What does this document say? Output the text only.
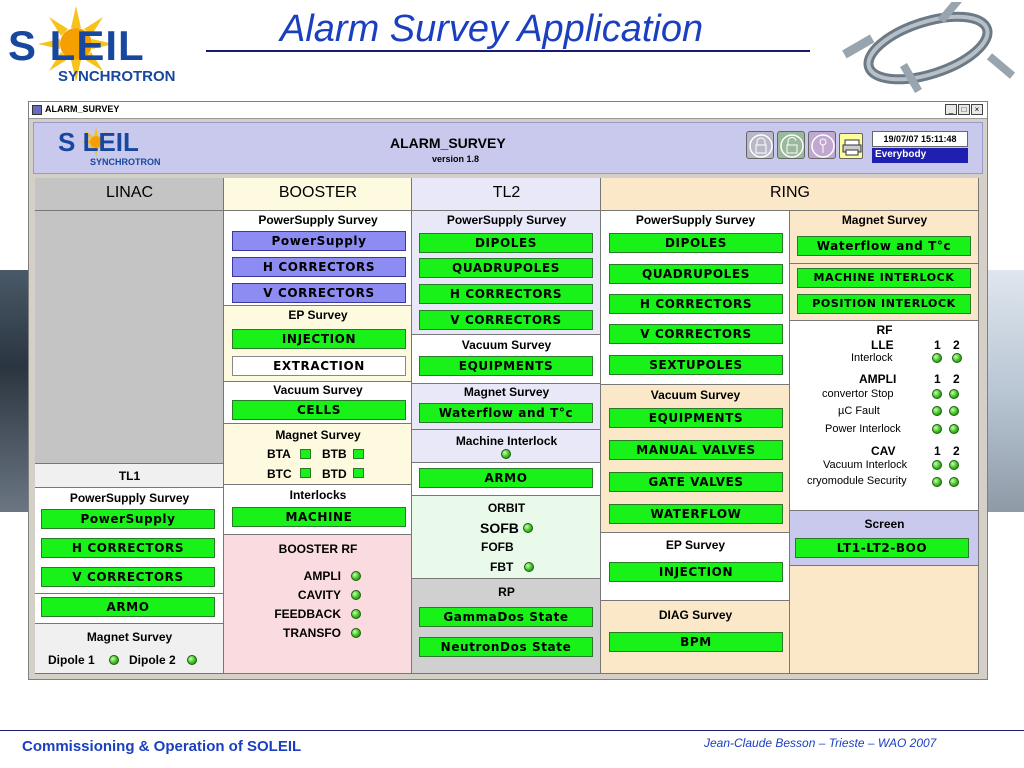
S LEIL
SYNCHROTRON
Alarm Survey Application
ALARM_SURVEY	_	□	×
S LEIL
SYNCHROTRON
ALARM_SURVEY
version 1.8
19/07/07 15:11:48
Everybody
LINAC	BOOSTER	TL2	RING
TL1
PowerSupply Survey
PowerSupply
H CORRECTORS
V CORRECTORS
ARMO
Magnet Survey
Dipole 1	Dipole 2
PowerSupply Survey
PowerSupply
H CORRECTORS
V CORRECTORS
EP Survey
INJECTION
EXTRACTION
Vacuum Survey
CELLS
Magnet Survey
BTA	BTB
BTC	BTD
Interlocks
MACHINE
BOOSTER RF
AMPLI
CAVITY
FEEDBACK
TRANSFO
PowerSupply Survey
DIPOLES
QUADRUPOLES
H CORRECTORS
V CORRECTORS
Vacuum Survey
EQUIPMENTS
Magnet Survey
Waterflow and T°c
Machine Interlock
ARMO
ORBIT
SOFB
FOFB
FBT
RP
GammaDos State
NeutronDos State
PowerSupply Survey
DIPOLES
QUADRUPOLES
H CORRECTORS
V CORRECTORS
SEXTUPOLES
Vacuum Survey
EQUIPMENTS
MANUAL VALVES
GATE VALVES
WATERFLOW
EP Survey
INJECTION
DIAG Survey
BPM
Magnet Survey
Waterflow and T°c
MACHINE INTERLOCK
POSITION INTERLOCK
RF
LLE	1 2
Interlock
AMPLI	1 2
convertor Stop
µC Fault
Power Interlock
CAV	1 2
Vacuum Interlock
cryomodule Security
Screen
LT1-LT2-BOO
Commissioning & Operation of SOLEIL	Jean-Claude Besson – Trieste – WAO 2007
